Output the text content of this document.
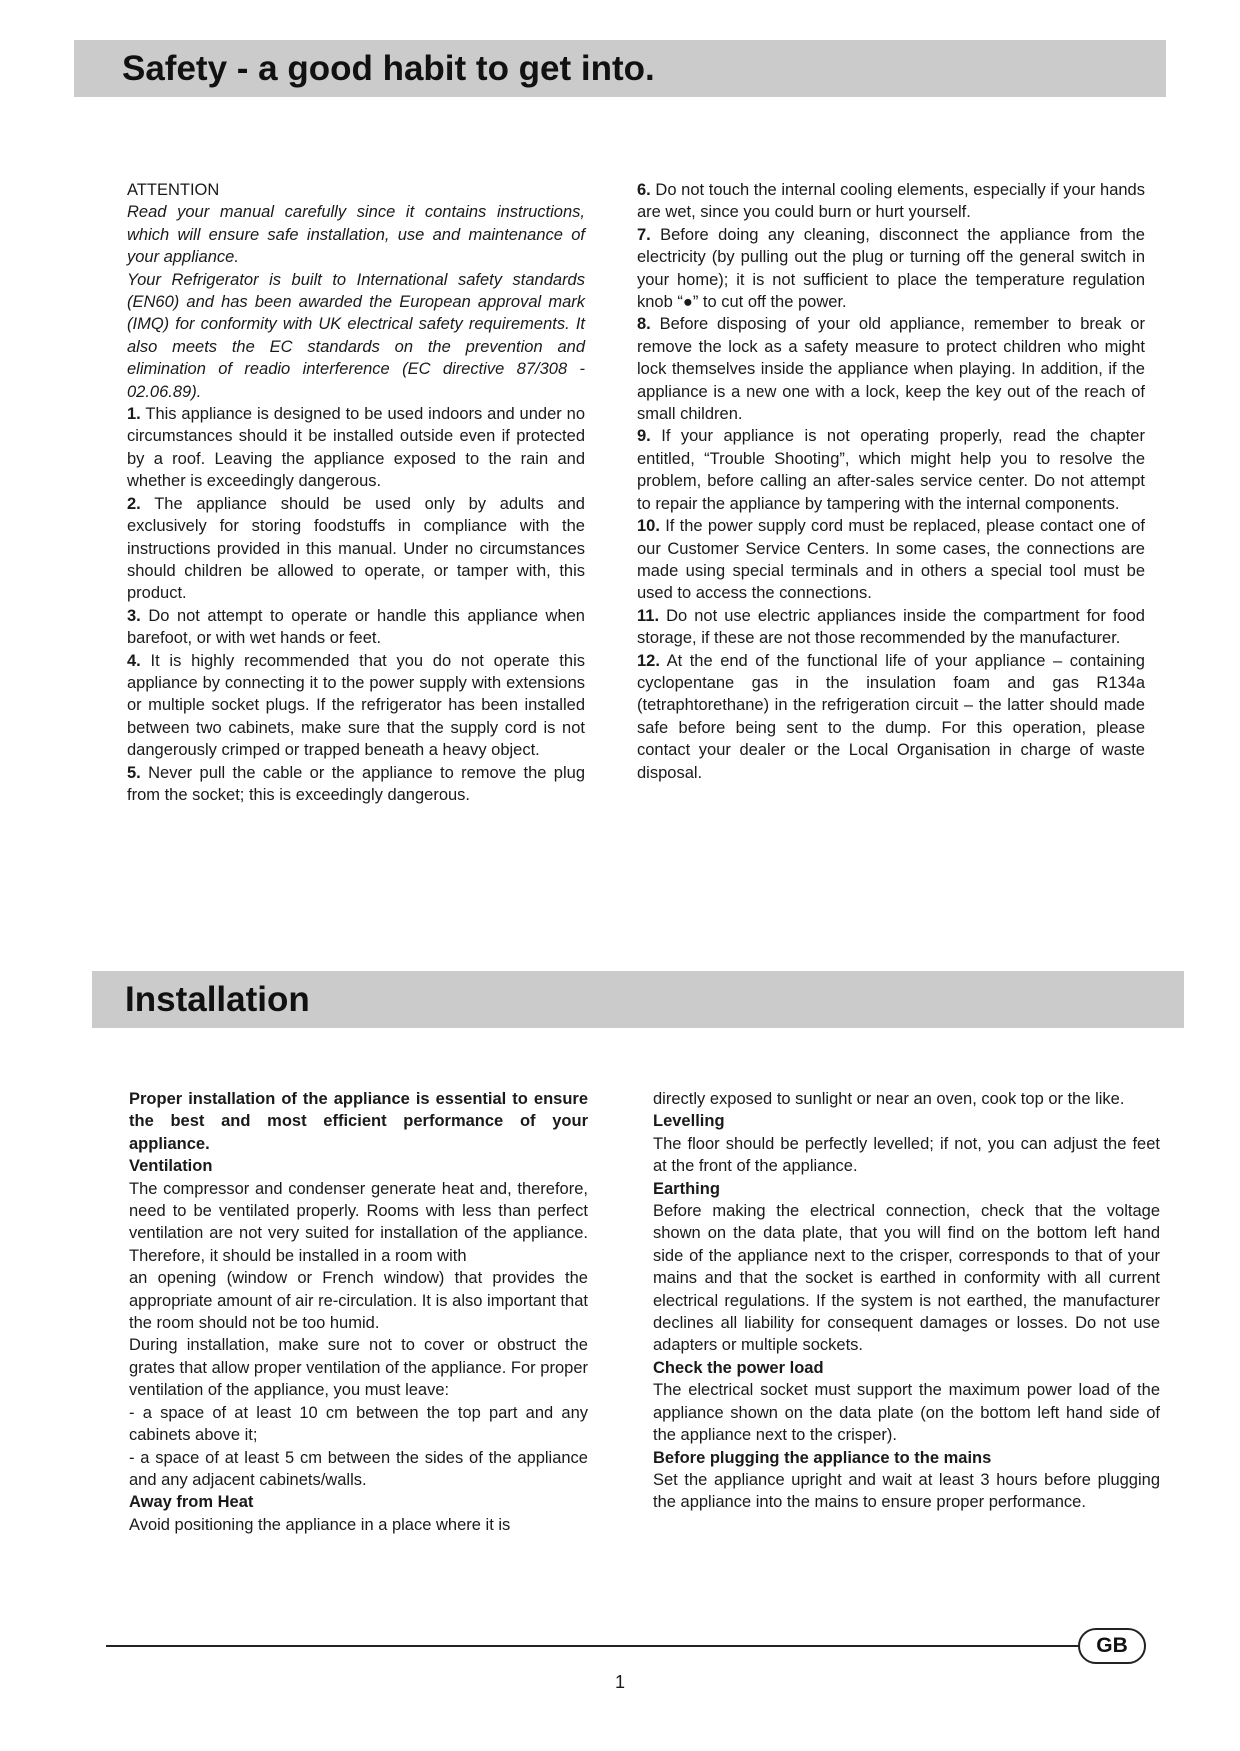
Safety - a good habit to get into.

ATTENTION

Read your manual carefully since it contains instructions, which will ensure safe installation, use and maintenance of your appliance.

Your Refrigerator is built to International safety standards (EN60) and has been awarded the European approval mark (IMQ) for conformity with UK electrical safety requirements. It also meets the EC standards on the prevention and elimination of readio interference (EC directive 87/308 - 02.06.89).

1. This appliance is designed to be used indoors and under no circumstances should it be installed outside even if protected by a roof. Leaving the appliance exposed to the rain and whether is exceedingly dangerous.

2. The appliance should be used only by adults and exclusively for storing foodstuffs in compliance with the instructions provided in this manual. Under no circumstances should children be allowed to operate, or tamper with, this product.

3. Do not attempt to operate or handle this appliance when barefoot, or with wet hands or feet.

4. It is highly recommended that you do not operate this appliance by connecting it to the power supply with extensions or multiple socket plugs. If the refrigerator has been installed between two cabinets, make sure that the supply cord is not dangerously crimped or trapped beneath a heavy object.

5. Never pull the cable or the appliance to remove the plug from the socket; this is exceedingly dangerous.

6. Do not touch the internal cooling elements, especially if your hands are wet, since you could burn or hurt yourself.

7. Before doing any cleaning, disconnect the appliance from the electricity (by pulling out the plug or turning off the general switch in your home); it is not sufficient to place the temperature regulation knob “●” to cut off the power.

8. Before disposing of your old appliance, remember to break or remove the lock as a safety measure to protect children who might lock themselves inside the appliance when playing. In addition, if the appliance is a new one with a lock, keep the key out of the reach of small children.

9. If your appliance is not operating properly, read the chapter entitled, “Trouble Shooting”, which might help you to resolve the problem, before calling an after-sales service center. Do not attempt to repair the appliance by tampering with the internal components.

10. If the power supply cord must be replaced, please contact one of our Customer Service Centers. In some cases, the connections are made using special terminals and in others a special tool must be used to access the connections.

11. Do not use electric appliances inside the compartment for food storage, if these are not those recommended by the manufacturer.

12. At the end of the functional life of your appliance – containing cyclopentane gas in the insulation foam and gas R134a (tetraphtorethane) in the refrigeration circuit – the latter should made safe before being sent to the dump. For this operation, please contact your dealer or the Local Organisation in charge of waste disposal.

Installation

Proper installation of the appliance is essential to ensure the best and most efficient performance of your appliance.

Ventilation

The compressor and condenser generate heat and, therefore, need to be ventilated properly. Rooms with less than perfect ventilation are not very suited for installation of the appliance. Therefore, it should be installed in a room with

an opening (window or French window) that provides the appropriate amount of air re-circulation. It is also important that the room should not be too humid.

During installation, make sure not to cover or obstruct the grates that allow proper ventilation of the appliance. For proper ventilation of the appliance, you must leave:

- a space of at least 10 cm between the top part and any cabinets above it;

- a space of at least 5 cm between the sides of the appliance and any adjacent cabinets/walls.

Away from Heat

Avoid positioning the appliance in a place where it is

directly exposed to sunlight or near an oven, cook top or the like.

Levelling

The floor should be perfectly levelled; if not, you can adjust the feet at the front of the appliance.

Earthing

Before making the electrical connection, check that the voltage shown on the data plate, that you will find on the bottom left hand side of the appliance next to the crisper, corresponds to that of your mains and that the socket is earthed in conformity with all current electrical regulations. If the system is not earthed, the manufacturer declines all liability for consequent damages or losses. Do not use adapters or multiple sockets.

Check the power load

The electrical socket must support the maximum power load of the appliance shown on the data plate (on the bottom left hand side of the appliance next to the crisper).

Before plugging the appliance to the mains

Set the appliance upright and wait at least 3 hours before plugging the appliance into the mains to ensure proper performance.

GB
1
